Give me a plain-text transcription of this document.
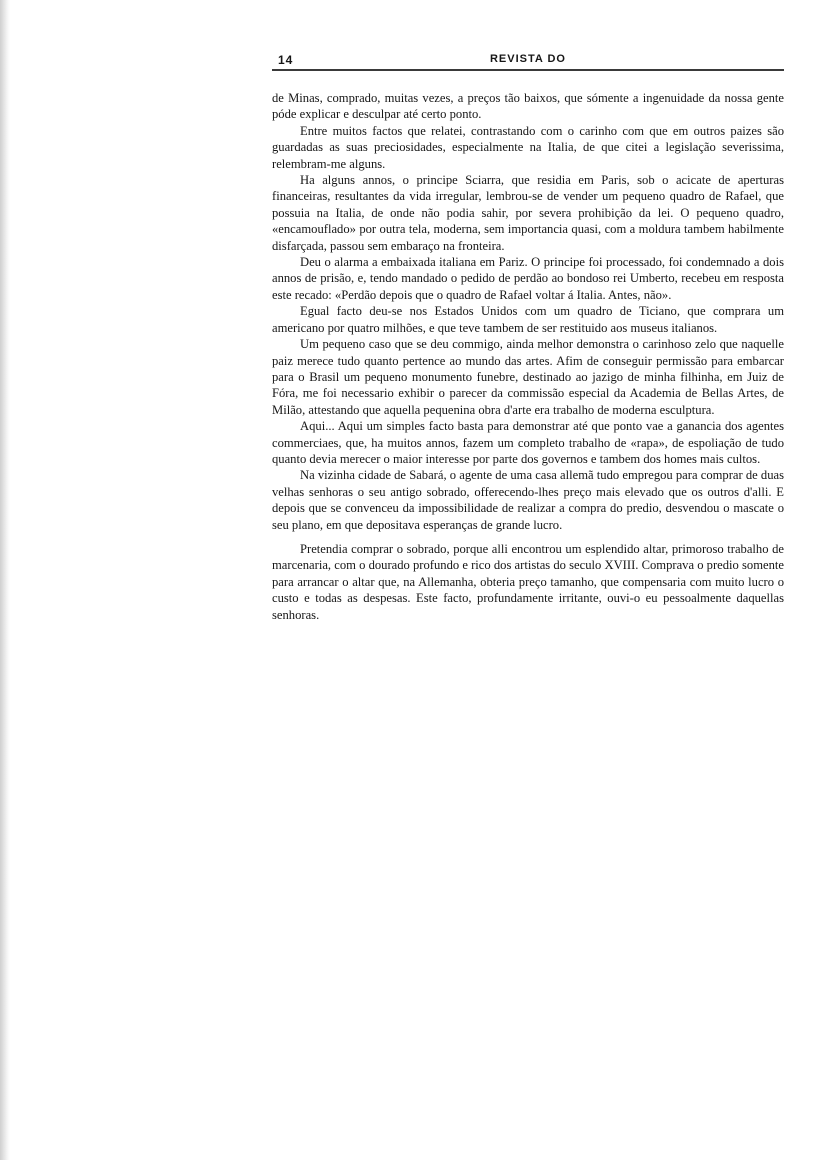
14	REVISTA DO

de Minas, comprado, muitas vezes, a preços tão baixos, que sómente a ingenuidade da nossa gente póde explicar e desculpar até certo ponto.

Entre muitos factos que relatei, contrastando com o carinho com que em outros paizes são guardadas as suas preciosidades, especialmente na Italia, de que citei a legislação severissima, relembram-me alguns.

Ha alguns annos, o principe Sciarra, que residia em Paris, sob o acicate de aperturas financeiras, resultantes da vida irregular, lembrou-se de vender um pequeno quadro de Rafael, que possuia na Italia, de onde não podia sahir, por severa prohibição da lei. O pequeno quadro, «encamouflado» por outra tela, moderna, sem importancia quasi, com a moldura tambem habilmente disfarçada, passou sem embaraço na fronteira.

Deu o alarma a embaixada italiana em Pariz. O principe foi processado, foi condemnado a dois annos de prisão, e, tendo mandado o pedido de perdão ao bondoso rei Umberto, recebeu em resposta este recado: «Perdão depois que o quadro de Rafael voltar á Italia. Antes, não».

Egual facto deu-se nos Estados Unidos com um quadro de Ticiano, que comprara um americano por quatro milhões, e que teve tambem de ser restituido aos museus italianos.

Um pequeno caso que se deu commigo, ainda melhor demonstra o carinhoso zelo que naquelle paiz merece tudo quanto pertence ao mundo das artes. Afim de conseguir permissão para embarcar para o Brasil um pequeno monumento funebre, destinado ao jazigo de minha filhinha, em Juiz de Fóra, me foi necessario exhibir o parecer da commissão especial da Academia de Bellas Artes, de Milão, attestando que aquella pequenina obra d'arte era trabalho de moderna esculptura.

Aqui... Aqui um simples facto basta para demonstrar até que ponto vae a ganancia dos agentes commerciaes, que, ha muitos annos, fazem um completo trabalho de «rapa», de espoliação de tudo quanto devia merecer o maior interesse por parte dos governos e tambem dos homes mais cultos.

Na vizinha cidade de Sabará, o agente de uma casa allemã tudo empregou para comprar de duas velhas senhoras o seu antigo sobrado, offerecendo-lhes preço mais elevado que os outros d'alli. E depois que se convenceu da impossibilidade de realizar a compra do predio, desvendou o mascate o seu plano, em que depositava esperanças de grande lucro.

Pretendia comprar o sobrado, porque alli encontrou um esplendido altar, primoroso trabalho de marcenaria, com o dourado profundo e rico dos artistas do seculo XVIII. Comprava o predio somente para arrancar o altar que, na Allemanha, obteria preço tamanho, que compensaria com muito lucro o custo e todas as despesas. Este facto, profundamente irritante, ouvi-o eu pessoalmente daquellas senhoras.
